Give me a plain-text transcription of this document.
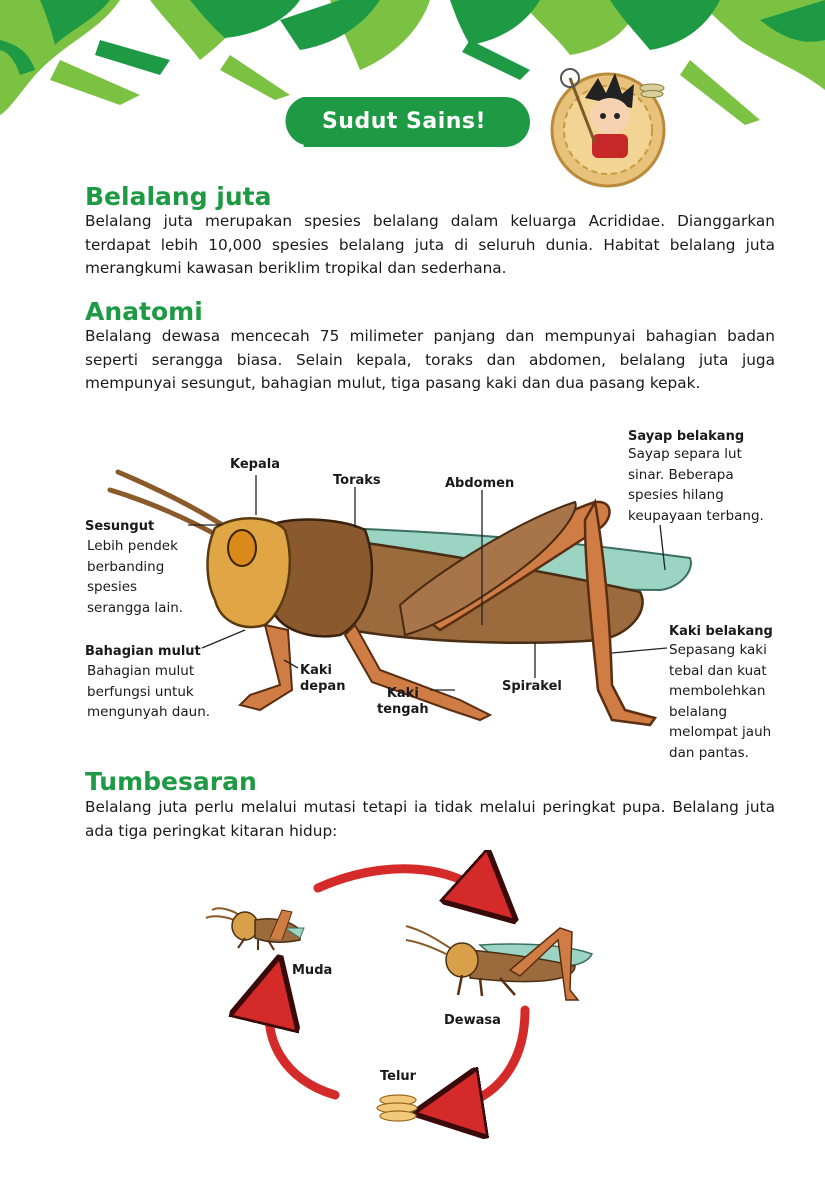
Sudut Sains!
Belalang juta

Belalang juta merupakan spesies belalang dalam keluarga Acrididae. Dianggarkan terdapat lebih 10,000 spesies belalang juta di seluruh dunia. Habitat belalang juta merangkumi kawasan beriklim tropikal dan sederhana.

Anatomi

Belalang dewasa mencecah 75 milimeter panjang dan mempunyai bahagian badan seperti serangga biasa. Selain kepala, toraks dan abdomen, belalang juta juga mempunyai sesungut, bahagian mulut, tiga pasang kaki dan dua pasang kepak.

Kepala
Toraks	Abdomen
Sayap belakang
Sayap separa lut
sinar. Beberapa
spesies hilang
keupayaan terbang.
Sesungut
Lebih pendek
berbanding
spesies
serangga lain.
Bahagian mulut
Bahagian mulut
berfungsi untuk
mengunyah daun.
Kaki
depan	Kaki
tengah
Spirakel
Kaki belakang
Sepasang kaki
tebal dan kuat
membolehkan
belalang
melompat jauh
dan pantas.
Tumbesaran

Belalang juta perlu melalui mutasi tetapi ia tidak melalui peringkat pupa. Belalang juta ada tiga peringkat kitaran hidup:

Muda
Dewasa
Telur
